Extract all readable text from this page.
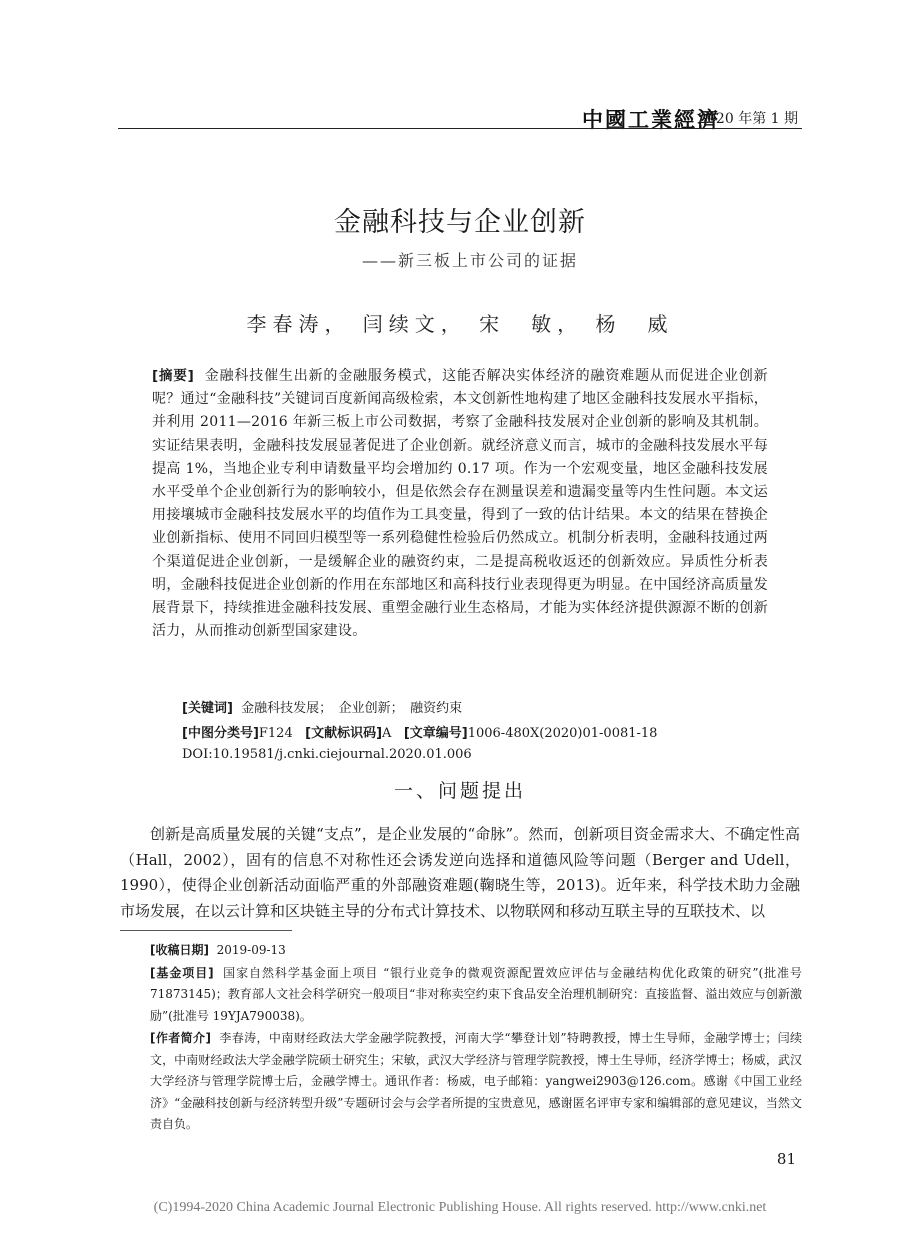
中國工業經濟
2020 年第 1 期
金融科技与企业创新
——新三板上市公司的证据
李春涛， 闫续文， 宋　敏， 杨　威
[摘要] 金融科技催生出新的金融服务模式，这能否解决实体经济的融资难题从而促进企业创新呢？通过“金融科技”关键词百度新闻高级检索，本文创新性地构建了地区金融科技发展水平指标，并利用 2011—2016 年新三板上市公司数据，考察了金融科技发展对企业创新的影响及其机制。实证结果表明，金融科技发展显著促进了企业创新。就经济意义而言，城市的金融科技发展水平每提高 1%，当地企业专利申请数量平均会增加约 0.17 项。作为一个宏观变量，地区金融科技发展水平受单个企业创新行为的影响较小，但是依然会存在测量误差和遗漏变量等内生性问题。本文运用接壤城市金融科技发展水平的均值作为工具变量，得到了一致的估计结果。本文的结果在替换企业创新指标、使用不同回归模型等一系列稳健性检验后仍然成立。机制分析表明，金融科技通过两个渠道促进企业创新，一是缓解企业的融资约束，二是提高税收返还的创新效应。异质性分析表明，金融科技促进企业创新的作用在东部地区和高科技行业表现得更为明显。在中国经济高质量发展背景下，持续推进金融科技发展、重塑金融行业生态格局，才能为实体经济提供源源不断的创新活力，从而推动创新型国家建设。
[关键词] 金融科技发展；　企业创新；　融资约束
[中图分类号]F124 [文献标识码]A [文章编号]1006-480X(2020)01-0081-18
DOI:10.19581/j.cnki.ciejournal.2020.01.006
一、问题提出

创新是高质量发展的关键“支点”，是企业发展的“命脉”。然而，创新项目资金需求大、不确定性高（Hall，2002），固有的信息不对称性还会诱发逆向选择和道德风险等问题（Berger and Udell，1990），使得企业创新活动面临严重的外部融资难题(鞠晓生等，2013)。近年来，科学技术助力金融市场发展，在以云计算和区块链主导的分布式计算技术、以物联网和移动互联主导的互联技术、以

[收稿日期] 2019-09-13

[基金项目] 国家自然科学基金面上项目 “银行业竞争的微观资源配置效应评估与金融结构优化政策的研究”(批准号 71873145)；教育部人文社会科学研究一般项目“非对称卖空约束下食品安全治理机制研究：直接监督、溢出效应与创新激励”(批准号 19YJA790038)。

[作者简介] 李春涛，中南财经政法大学金融学院教授，河南大学“攀登计划”特聘教授，博士生导师，金融学博士；闫续文，中南财经政法大学金融学院硕士研究生；宋敏，武汉大学经济与管理学院教授，博士生导师，经济学博士；杨威，武汉大学经济与管理学院博士后，金融学博士。通讯作者：杨威，电子邮箱：yangwei2903@126.com。感谢《中国工业经济》“金融科技创新与经济转型升级”专题研讨会与会学者所提的宝贵意见，感谢匿名评审专家和编辑部的意见建议，当然文责自负。

81
(C)1994-2020 China Academic Journal Electronic Publishing House. All rights reserved. http://www.cnki.net
